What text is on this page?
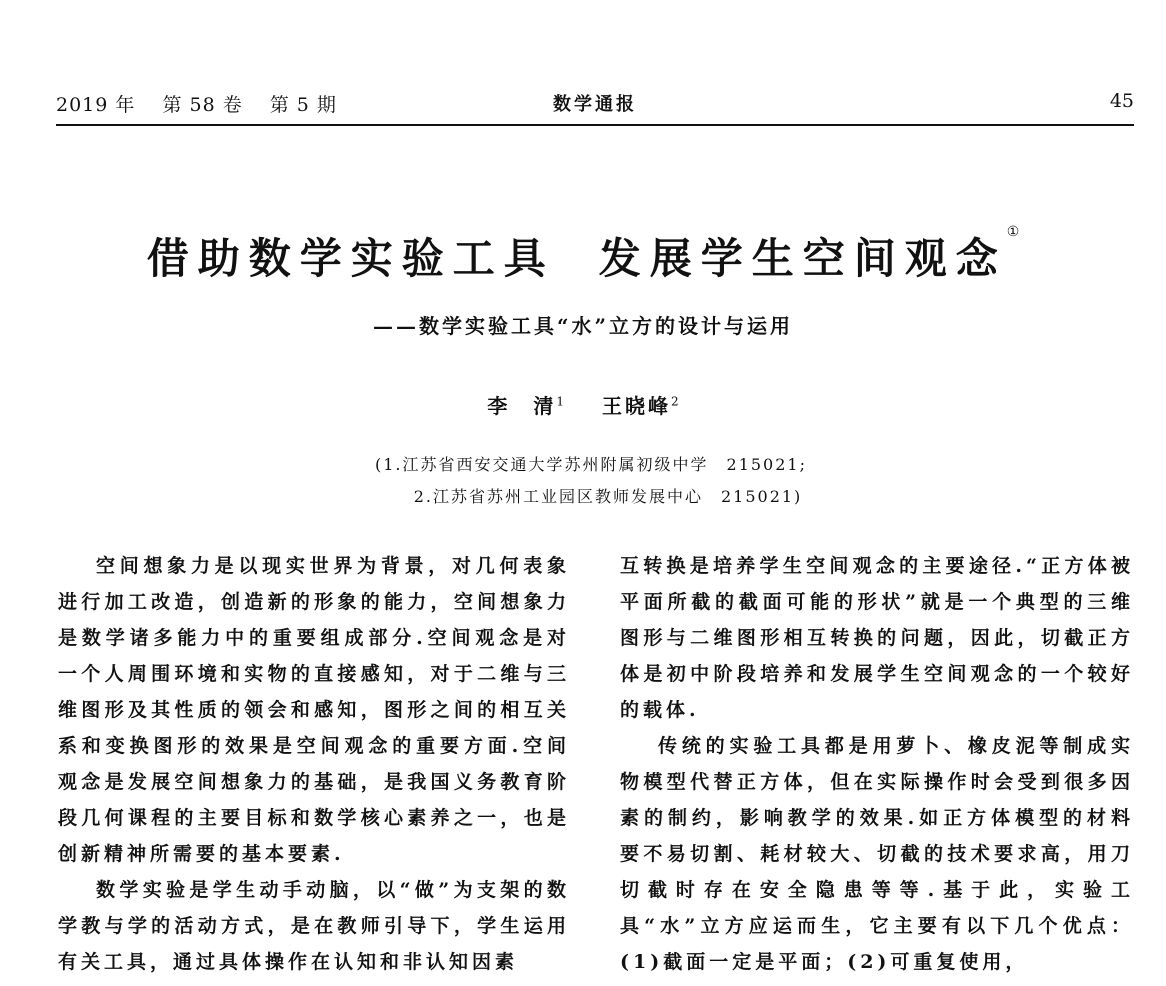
2019 年 第 58 卷 第 5 期	数学通报	45
借助数学实验工具 发展学生空间观念①
——数学实验工具“水”立方的设计与运用
李　清$^1$ 王晓峰$^2$
(1.江苏省西安交通大学苏州附属初级中学　215021;
2.江苏省苏州工业园区教师发展中心　215021)

空间想象力是以现实世界为背景，对几何表象进行加工改造，创造新的形象的能力，空间想象力是数学诸多能力中的重要组成部分.空间观念是对一个人周围环境和实物的直接感知，对于二维与三维图形及其性质的领会和感知，图形之间的相互关系和变换图形的效果是空间观念的重要方面.空间观念是发展空间想象力的基础，是我国义务教育阶段几何课程的主要目标和数学核心素养之一，也是创新精神所需要的基本要素.

数学实验是学生动手动脑，以“做”为支架的数学教与学的活动方式，是在教师引导下，学生运用有关工具，通过具体操作在认知和非认知因素

互转换是培养学生空间观念的主要途径.“正方体被平面所截的截面可能的形状”就是一个典型的三维图形与二维图形相互转换的问题，因此，切截正方体是初中阶段培养和发展学生空间观念的一个较好的载体.

传统的实验工具都是用萝卜、橡皮泥等制成实物模型代替正方体，但在实际操作时会受到很多因素的制约，影响教学的效果.如正方体模型的材料要不易切割、耗材较大、切截的技术要求高，用刀切截时存在安全隐患等等.基于此，实验工具“水”立方应运而生，它主要有以下几个优点：(1)截面一定是平面；(2)可重复使用，
